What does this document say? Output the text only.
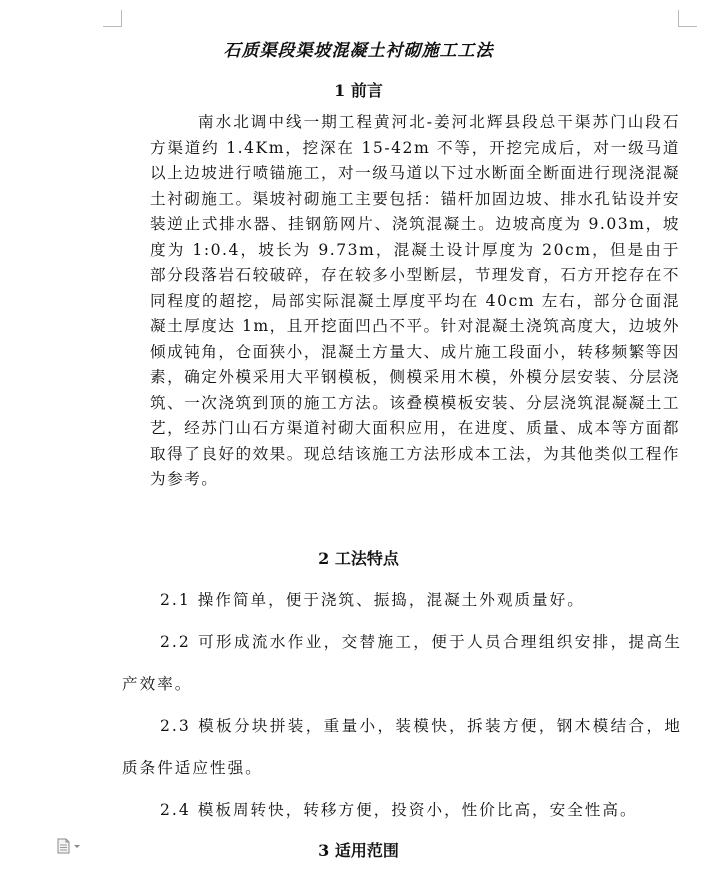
石质渠段渠坡混凝土衬砌施工工法
1 前言
南水北调中线一期工程黄河北-姜河北辉县段总干渠苏门山段石方渠道约 1.4Km，挖深在 15-42m 不等，开挖完成后，对一级马道以上边坡进行喷锚施工，对一级马道以下过水断面全断面进行现浇混凝土衬砌施工。渠坡衬砌施工主要包括：锚杆加固边坡、排水孔钻设并安装逆止式排水器、挂钢筋网片、浇筑混凝土。边坡高度为 9.03m，坡度为 1:0.4，坡长为 9.73m，混凝土设计厚度为 20cm，但是由于部分段落岩石较破碎，存在较多小型断层，节理发育，石方开挖存在不同程度的超挖，局部实际混凝土厚度平均在 40cm 左右，部分仓面混凝土厚度达 1m，且开挖面凹凸不平。针对混凝土浇筑高度大，边坡外倾成钝角，仓面狭小，混凝土方量大、成片施工段面小，转移频繁等因素，确定外模采用大平钢模板，侧模采用木模，外模分层安装、分层浇筑、一次浇筑到顶的施工方法。该叠模模板安装、分层浇筑混凝凝土工艺，经苏门山石方渠道衬砌大面积应用，在进度、质量、成本等方面都取得了良好的效果。现总结该施工方法形成本工法，为其他类似工程作为参考。
2 工法特点
2.1 操作简单，便于浇筑、振捣，混凝土外观质量好。
2.2 可形成流水作业，交替施工，便于人员合理组织安排，提高生产效率。
2.3 模板分块拼装，重量小，装模快，拆装方便，钢木模结合，地质条件适应性强。
2.4 模板周转快，转移方便，投资小，性价比高，安全性高。
3 适用范围
